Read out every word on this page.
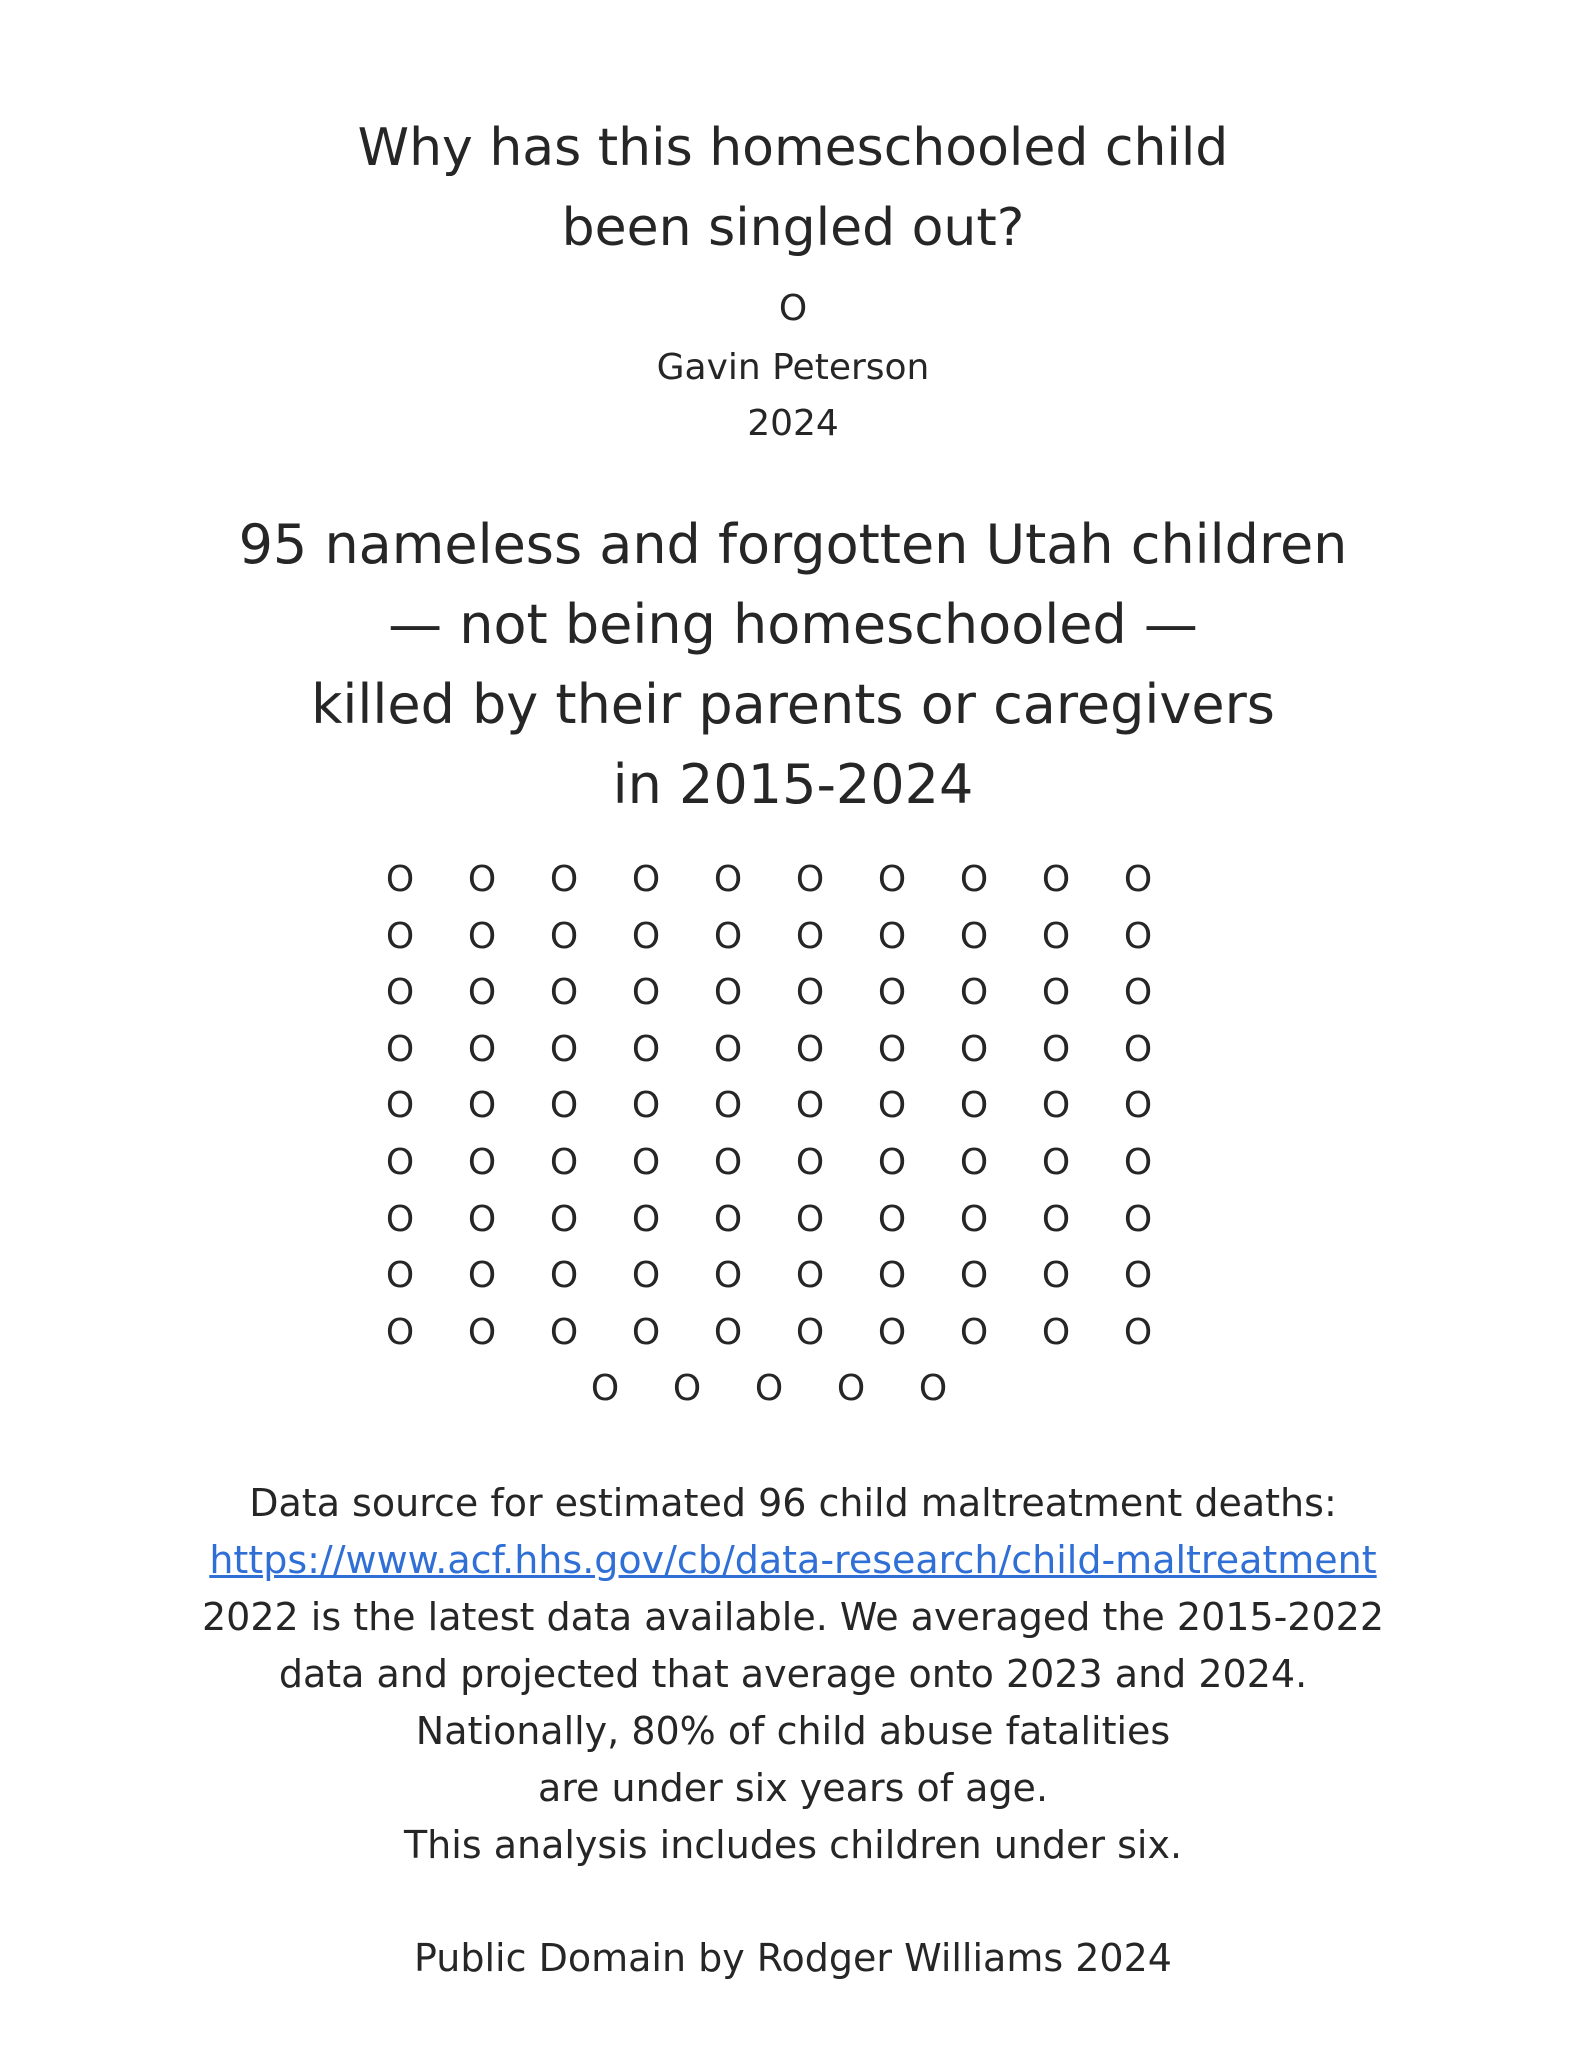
Why has this homeschooled child
been singled out?
O
Gavin Peterson
2024
95 nameless and forgotten Utah children
— not being homeschooled —
killed by their parents or caregivers
in 2015-2024
O O O O O O O O O O
O O O O O O O O O O
O O O O O O O O O O
O O O O O O O O O O
O O O O O O O O O O
O O O O O O O O O O
O O O O O O O O O O
O O O O O O O O O O
O O O O O O O O O O
O O O O O
Data source for estimated 96 child maltreatment deaths:
https://www.acf.hhs.gov/cb/data-research/child-maltreatment
2022 is the latest data available. We averaged the 2015-2022
data and projected that average onto 2023 and 2024.
Nationally, 80% of child abuse fatalities
are under six years of age.
This analysis includes children under six.
Public Domain by Rodger Williams 2024
